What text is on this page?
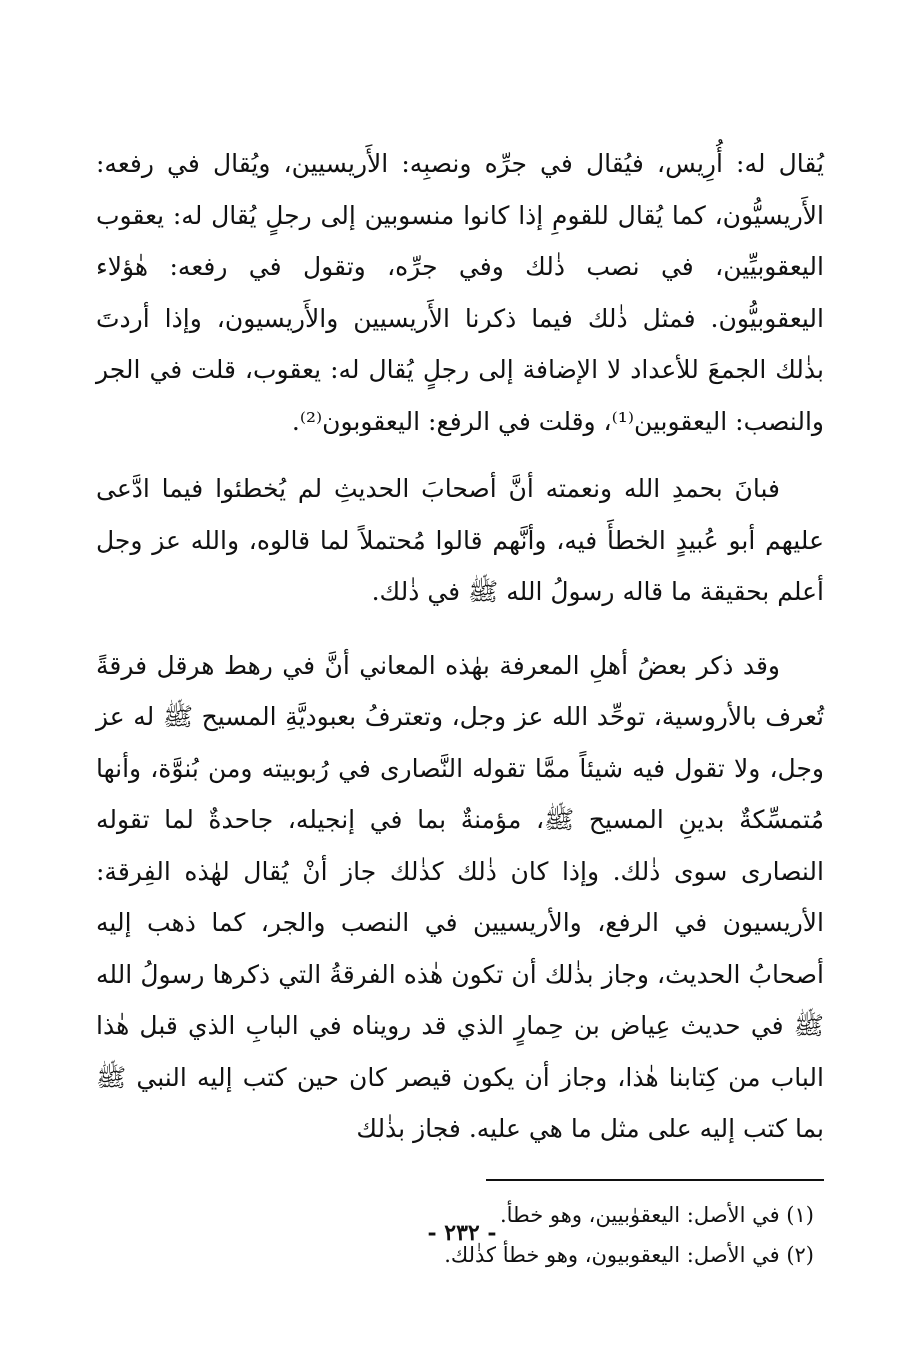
يُقال له: أُرِيس، فيُقال في جرِّه ونصبِه: الأَريسيين، ويُقال في رفعه: الأَريسيُّون، كما يُقال للقومِ إذا كانوا منسوبين إلى رجلٍ يُقال له: يعقوب اليعقوبيِّين، في نصب ذٰلك وفي جرِّه، وتقول في رفعه: هٰؤلاء اليعقوبيُّون. فمثل ذٰلك فيما ذكرنا الأَريسيين والأَريسيون، وإذا أردتَ بذٰلك الجمعَ للأعداد لا الإضافة إلى رجلٍ يُقال له: يعقوب، قلت في الجر والنصب: اليعقوبين⁽¹⁾، وقلت في الرفع: اليعقوبون⁽²⁾.

فبانَ بحمدِ الله ونعمته أنَّ أصحابَ الحديثِ لم يُخطئوا فيما ادَّعى عليهم أبو عُبيدٍ الخطأَ فيه، وأنَّهم قالوا مُحتملاً لما قالوه، والله عز وجل أعلم بحقيقة ما قاله رسولُ الله ﷺ في ذٰلك.

وقد ذكر بعضُ أهلِ المعرفة بهٰذه المعاني أنَّ في رهط هرقل فرقةً تُعرف بالأروسية، توحِّد الله عز وجل، وتعترفُ بعبوديَّةِ المسيح ﷺ له عز وجل، ولا تقول فيه شيئاً ممَّا تقوله النَّصارى في رُبوبيته ومن بُنوَّة، وأنها مُتمسِّكةٌ بدينِ المسيح ﷺ، مؤمنةٌ بما في إنجيله، جاحدةٌ لما تقوله النصارى سوى ذٰلك. وإذا كان ذٰلك كذٰلك جاز أنْ يُقال لهٰذه الفِرقة: الأريسيون في الرفع، والأريسيين في النصب والجر، كما ذهب إليه أصحابُ الحديث، وجاز بذٰلك أن تكون هٰذه الفرقةُ التي ذكرها رسولُ الله ﷺ في حديث عِياض بن حِمارٍ الذي قد رويناه في البابِ الذي قبل هٰذا الباب من كِتابنا هٰذا، وجاز أن يكون قيصر كان حين كتب إليه النبي ﷺ بما كتب إليه على مثل ما هي عليه. فجاز بذٰلك

(١) في الأصل: اليعقوٰبيين، وهو خطأ.

(٢) في الأصل: اليعقوبيون، وهو خطأ كذٰلك.

- ٢٣٢ -
